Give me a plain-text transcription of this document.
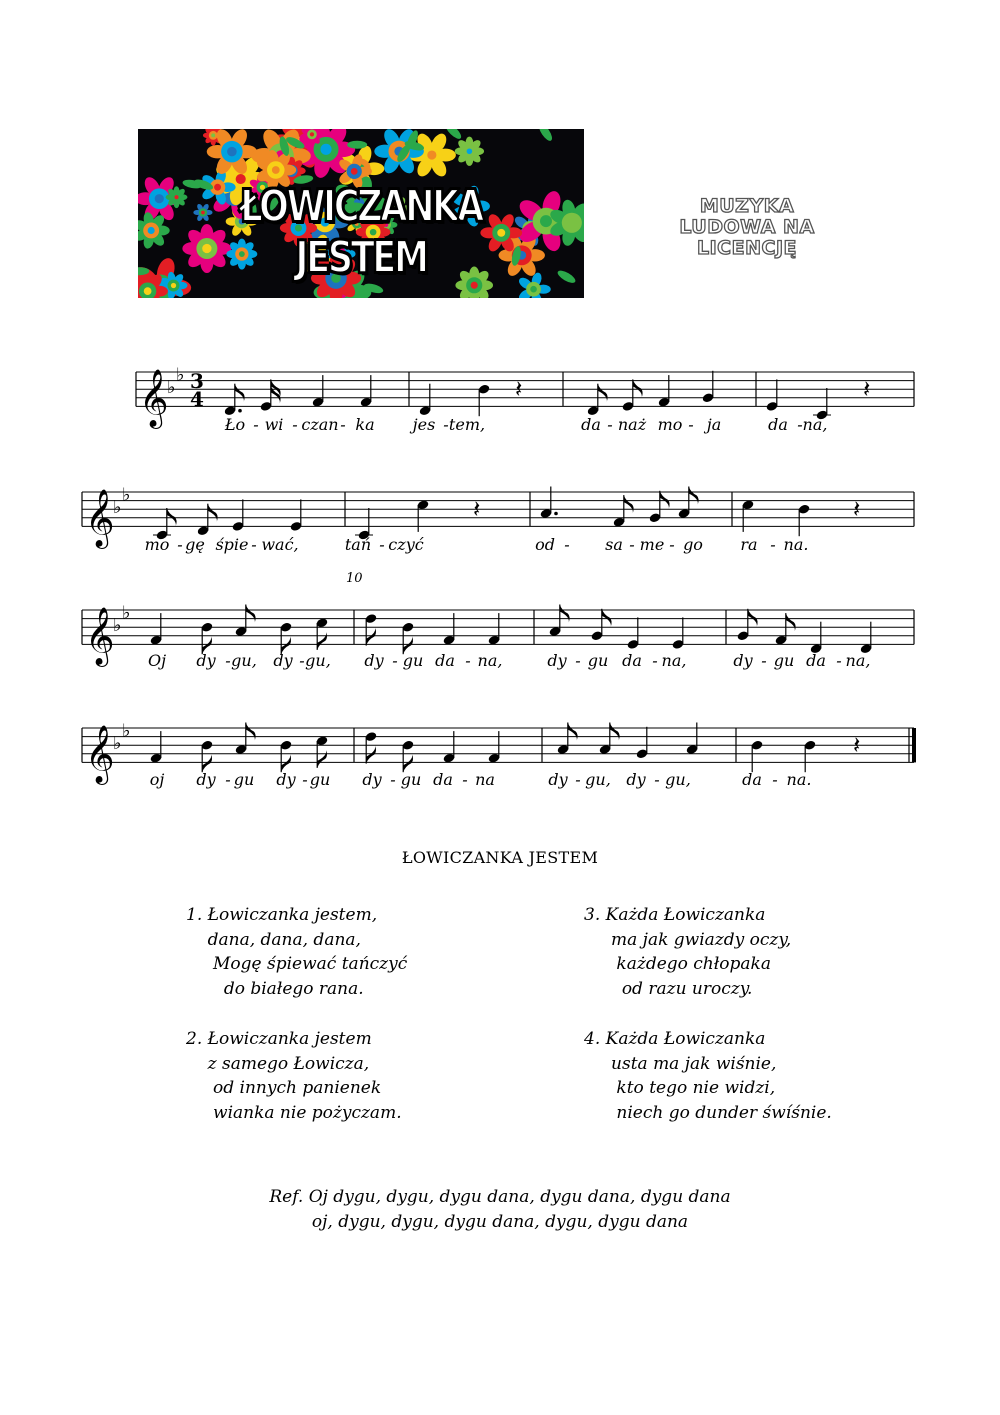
ŁOWICZANKA JESTEM
MUZYKA
LUDOWA NA
LICENCJĘ
𝄞
♭
♭ 3
4	𝄽	𝄽
Ło - wi - czan - ka jes - tem,	da - naż mo - ja	da - na,
𝄞
♭
♭
𝄽	𝄽
mo - gę śpie - wać,	tań - czyć	od - sa - me - go ra - na.
𝄞
♭
♭
10
Oj dy - gu, dy - gu, dy - gu da - na,	dy - gu da - na,	dy - gu da - na,
𝄞
♭
♭
𝄽
oj dy - gu dy - gu dy - gu da - na	dy - gu, dy - gu,	da - na.
ŁOWICZANKA JESTEM
1. Łowiczanka jestem,
dana, dana, dana,
Mogę śpiewać tańczyć
do białego rana.
3. Każda Łowiczanka
ma jak gwiazdy oczy,
każdego chłopaka
od razu uroczy.
2. Łowiczanka jestem
z samego Łowicza,
od innych panienek
wianka nie pożyczam.
4. Każda Łowiczanka
usta ma jak wiśnie,
kto tego nie widzi,
niech go dunder śwíśnie.
Ref. Oj dygu, dygu, dygu dana, dygu dana, dygu dana
oj, dygu, dygu, dygu dana, dygu, dygu dana
